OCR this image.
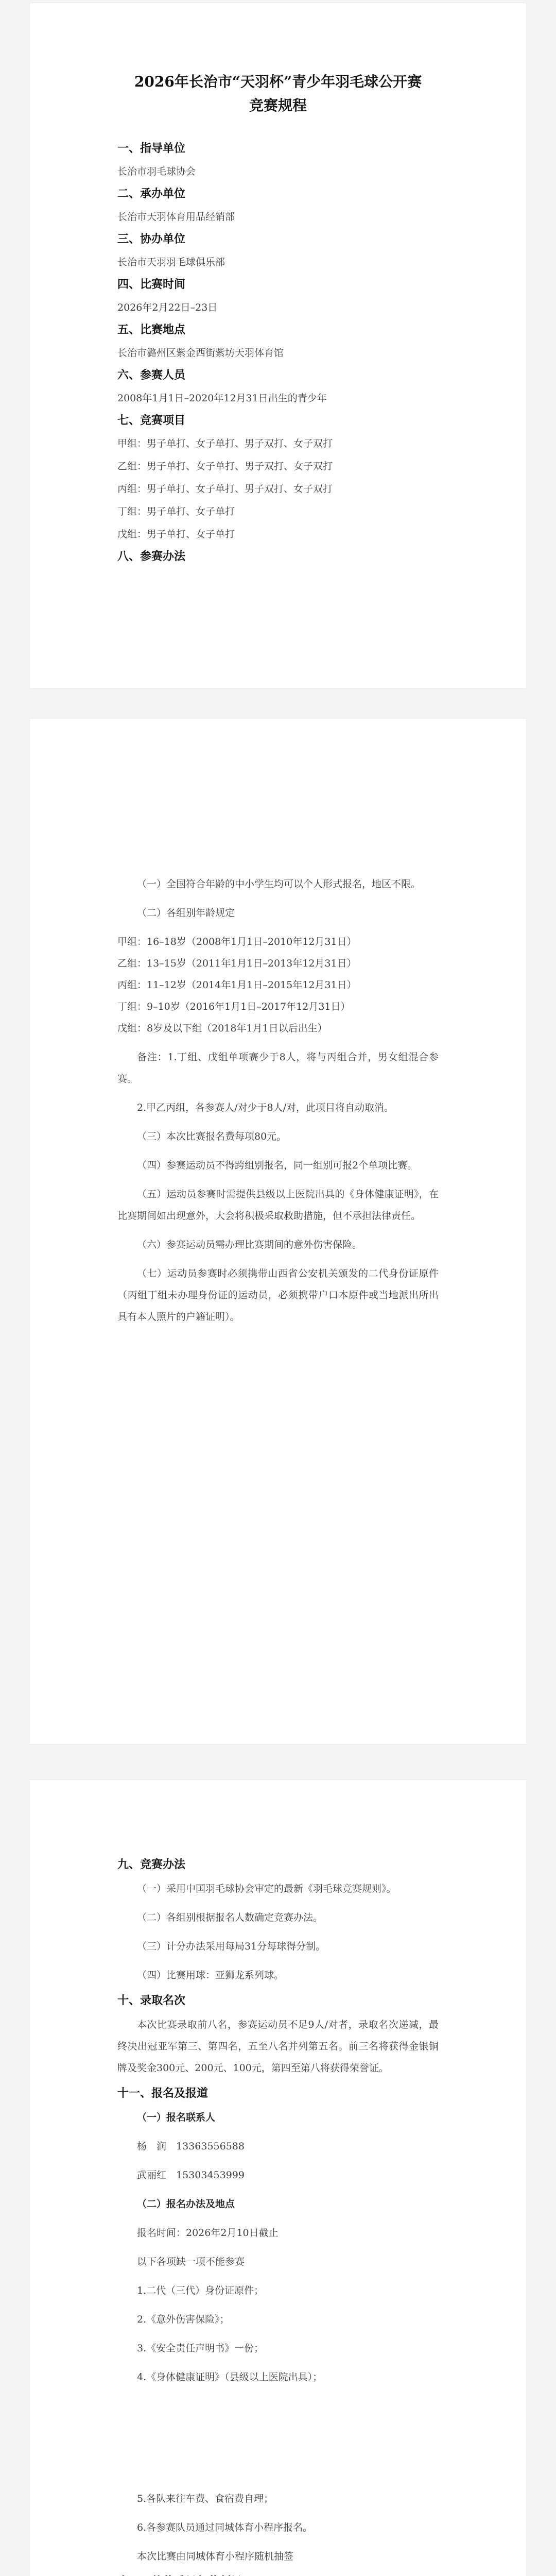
2026年长治市“天羽杯”青少年羽毛球公开赛
竞赛规程

一、指导单位

长治市羽毛球协会

二、承办单位

长治市天羽体育用品经销部

三、协办单位

长治市天羽羽毛球俱乐部

四、比赛时间

2026年2月22日–23日

五、比赛地点

长治市潞州区紫金西街紫坊天羽体育馆

六、参赛人员

2008年1月1日–2020年12月31日出生的青少年

七、竞赛项目

甲组：男子单打、女子单打、男子双打、女子双打

乙组：男子单打、女子单打、男子双打、女子双打

丙组：男子单打、女子单打、男子双打、女子双打

丁组：男子单打、女子单打

戊组：男子单打、女子单打

八、参赛办法

（一）全国符合年龄的中小学生均可以个人形式报名，地区不限。

（二）各组别年龄规定

甲组：16–18岁（2008年1月1日–2010年12月31日）

乙组：13–15岁（2011年1月1日–2013年12月31日）

丙组：11–12岁（2014年1月1日–2015年12月31日）

丁组：9–10岁（2016年1月1日–2017年12月31日）

戊组：8岁及以下组（2018年1月1日以后出生）

备注：1.丁组、戊组单项赛少于8人，将与丙组合并，男女组混合参赛。

2.甲乙丙组，各参赛人/对少于8人/对，此项目将自动取消。

（三）本次比赛报名费每项80元。

（四）参赛运动员不得跨组别报名，同一组别可报2个单项比赛。

（五）运动员参赛时需提供县级以上医院出具的《身体健康证明》，在比赛期间如出现意外，大会将积极采取救助措施，但不承担法律责任。

（六）参赛运动员需办理比赛期间的意外伤害保险。

（七）运动员参赛时必须携带山西省公安机关颁发的二代身份证原件（丙组丁组未办理身份证的运动员，必须携带户口本原件或当地派出所出具有本人照片的户籍证明）。

九、竞赛办法

（一）采用中国羽毛球协会审定的最新《羽毛球竞赛规则》。

（二）各组别根据报名人数确定竞赛办法。

（三）计分办法采用每局31分每球得分制。

（四）比赛用球：亚狮龙系列球。

十、录取名次

本次比赛录取前八名，参赛运动员不足9人/对者，录取名次递减，最终决出冠亚军第三、第四名，五至八名并列第五名。前三名将获得金银铜牌及奖金300元、200元、100元，第四至第八将获得荣誉证。

十一、报名及报道

（一）报名联系人

杨　润　13363556588

武丽红　15303453999

（二）报名办法及地点

报名时间：2026年2月10日截止

以下各项缺一项不能参赛

1.二代（三代）身份证原件；

2.《意外伤害保险》；

3.《安全责任声明书》一份；

4.《身体健康证明》（县级以上医院出具）；

5.各队来往车费、食宿费自理；

6.各参赛队员通过同城体育小程序报名。

本次比赛由同城体育小程序随机抽签
